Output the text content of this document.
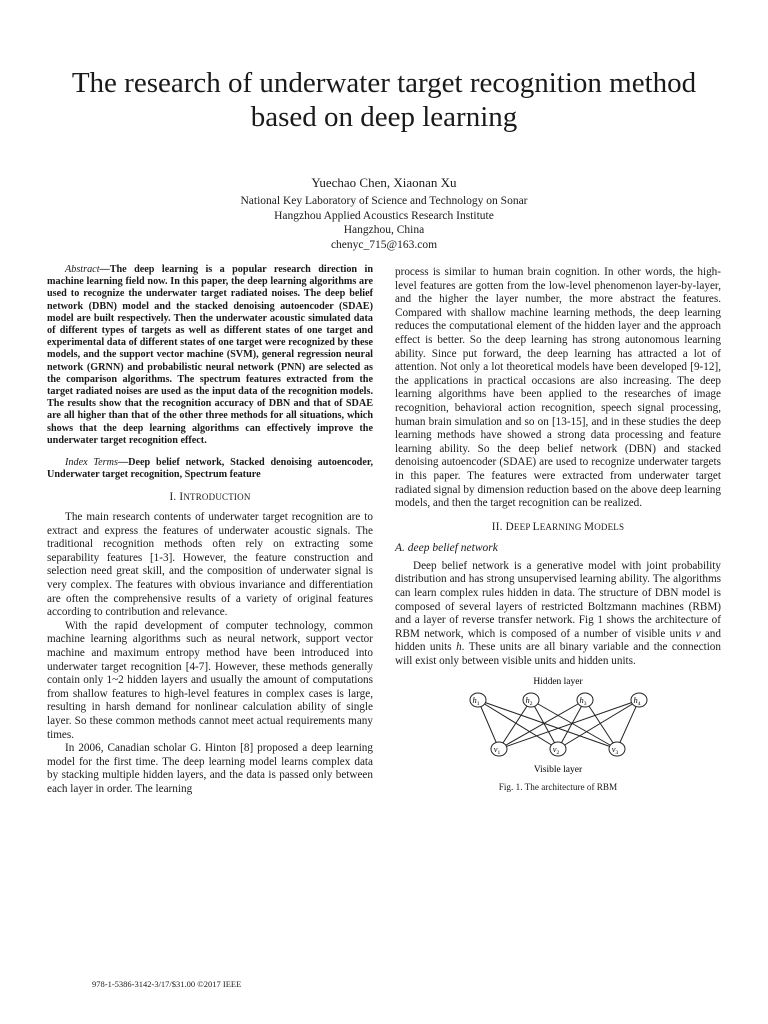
The research of underwater target recognition method
based on deep learning
Yuechao Chen, Xiaonan Xu
National Key Laboratory of Science and Technology on Sonar
Hangzhou Applied Acoustics Research Institute
Hangzhou, China
chenyc_715@163.com

Abstract—The deep learning is a popular research direction in machine learning field now. In this paper, the deep learning algorithms are used to recognize the underwater target radiated noises. The deep belief network (DBN) model and the stacked denoising autoencoder (SDAE) model are built respectively. Then the underwater acoustic simulated data of different types of targets as well as different states of one target and experimental data of different states of one target were recognized by these models, and the support vector machine (SVM), general regression neural network (GRNN) and probabilistic neural network (PNN) are selected as the comparison algorithms. The spectrum features extracted from the target radiated noises are used as the input data of the recognition models. The results show that the recognition accuracy of DBN and that of SDAE are all higher than that of the other three methods for all situations, which shows that the deep learning algorithms can effectively improve the underwater target recognition effect.

Index Terms—Deep belief network, Stacked denoising autoencoder, Underwater target recognition, Spectrum feature

I. INTRODUCTION

The main research contents of underwater target recognition are to extract and express the features of underwater acoustic signals. The traditional recognition methods often rely on extracting some separability features [1-3]. However, the feature construction and selection need great skill, and the composition of underwater signal is very complex. The features with obvious invariance and differentiation are often the comprehensive results of a variety of original features according to contribution and relevance.

With the rapid development of computer technology, common machine learning algorithms such as neural network, support vector machine and maximum entropy method have been introduced into underwater target recognition [4-7]. However, these methods generally contain only 1~2 hidden layers and usually the amount of computations from shallow features to high-level features in complex cases is large, resulting in harsh demand for nonlinear calculation ability of single layer. So these common methods cannot meet actual requirements many times.

In 2006, Canadian scholar G. Hinton [8] proposed a deep learning model for the first time. The deep learning model learns complex data by stacking multiple hidden layers, and the data is passed only between each layer in order. The learning

process is similar to human brain cognition. In other words, the high-level features are gotten from the low-level phenomenon layer-by-layer, and the higher the layer number, the more abstract the features. Compared with shallow machine learning methods, the deep learning reduces the computational element of the hidden layer and the approach effect is better. So the deep learning has strong autonomous learning ability. Since put forward, the deep learning has attracted a lot of attention. Not only a lot theoretical models have been developed [9-12], the applications in practical occasions are also increasing. The deep learning algorithms have been applied to the researches of image recognition, behavioral action recognition, speech signal processing, human brain simulation and so on [13-15], and in these studies the deep learning methods have showed a strong data processing and feature learning ability. So the deep belief network (DBN) and stacked denoising autoencoder (SDAE) are used to recognize underwater targets in this paper. The features were extracted from underwater target radiated signal by dimension reduction based on the above deep learning models, and then the target recognition can be realized.

II. DEEP LEARNING MODELS
A. deep belief network

Deep belief network is a generative model with joint probability distribution and has strong unsupervised learning ability. The algorithms can learn complex rules hidden in data. The structure of DBN model is composed of several layers of restricted Boltzmann machines (RBM) and a layer of reverse transfer network. Fig 1 shows the architecture of RBM network, which is composed of a number of visible units v and hidden units h. These units are all binary variable and the connection will exist only between visible units and hidden units.

Hidden layer
$h_1$	$h_2$	$h_3$	$h_4$
$v_1$	$v_2$	$v_3$
Visible layer
Fig. 1. The architecture of RBM
978-1-5386-3142-3/17/$31.00 ©2017 IEEE
